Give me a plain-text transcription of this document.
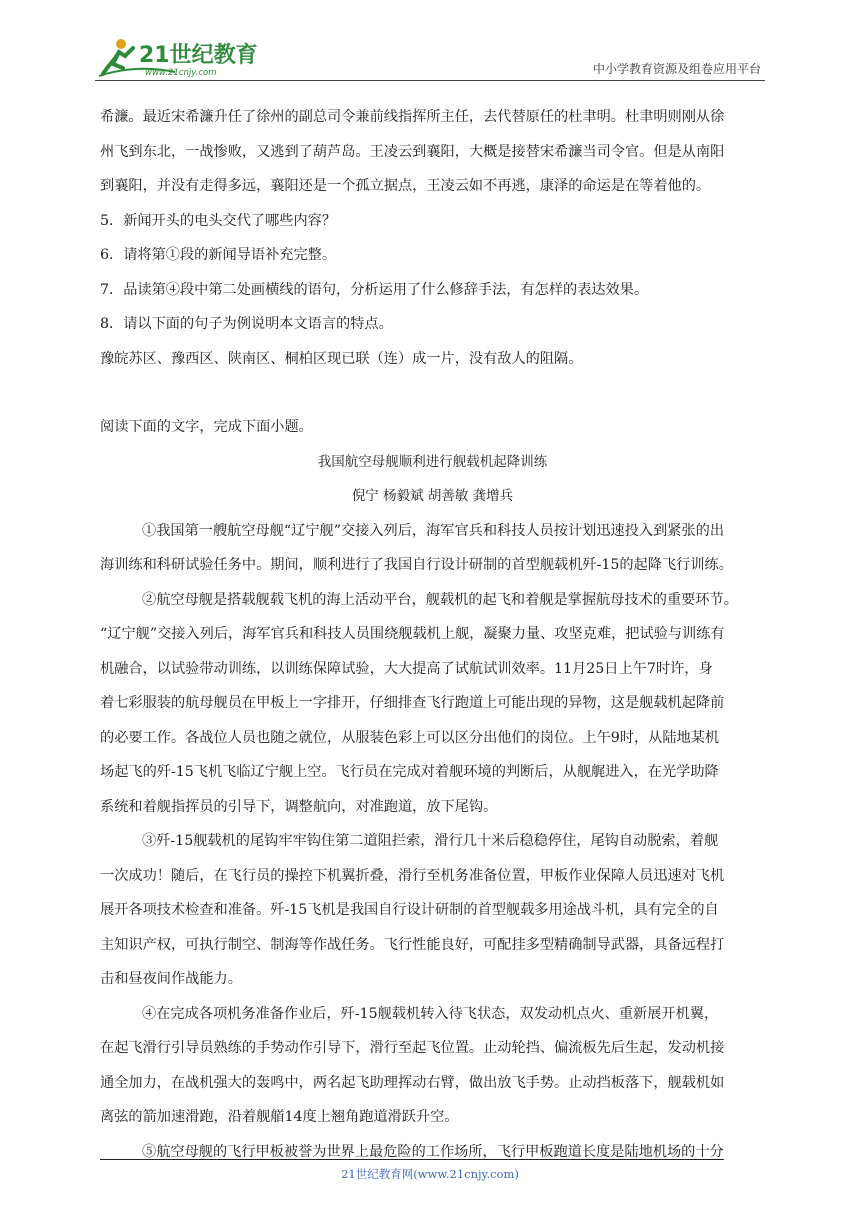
21世纪教育
www.21cnjy.com	中小学教育资源及组卷应用平台

希濂。最近宋希濂升任了徐州的副总司令兼前线指挥所主任，去代替原任的杜聿明。杜聿明则刚从徐

州飞到东北，一战惨败，又逃到了葫芦岛。王凌云到襄阳，大概是接替宋希濂当司令官。但是从南阳

到襄阳，并没有走得多远，襄阳还是一个孤立据点，王凌云如不再逃，康泽的命运是在等着他的。

5．新闻开头的电头交代了哪些内容？

6．请将第①段的新闻导语补充完整。

7．品读第④段中第二处画横线的语句，分析运用了什么修辞手法，有怎样的表达效果。

8．请以下面的句子为例说明本文语言的特点。

豫皖苏区、豫西区、陕南区、桐柏区现已联（连）成一片，没有敌人的阻隔。

阅读下面的文字，完成下面小题。

我国航空母舰顺利进行舰载机起降训练

倪宁 杨毅斌 胡善敏 龚增兵

①我国第一艘航空母舰“辽宁舰”交接入列后，海军官兵和科技人员按计划迅速投入到紧张的出

海训练和科研试验任务中。期间，顺利进行了我国自行设计研制的首型舰载机歼-15的起降飞行训练。

②航空母舰是搭载舰载飞机的海上活动平台，舰载机的起飞和着舰是掌握航母技术的重要环节。

“辽宁舰”交接入列后，海军官兵和科技人员围绕舰载机上舰，凝聚力量、攻坚克难，把试验与训练有

机融合，以试验带动训练，以训练保障试验，大大提高了试航试训效率。11月25日上午7时许，身

着七彩服装的航母舰员在甲板上一字排开，仔细排查飞行跑道上可能出现的异物，这是舰载机起降前

的必要工作。各战位人员也随之就位，从服装色彩上可以区分出他们的岗位。上午9时，从陆地某机

场起飞的歼-15飞机飞临辽宁舰上空。飞行员在完成对着舰环境的判断后，从舰艉进入，在光学助降

系统和着舰指挥员的引导下，调整航向，对准跑道，放下尾钩。

③歼-15舰载机的尾钩牢牢钩住第二道阻拦索，滑行几十米后稳稳停住，尾钩自动脱索，着舰

一次成功！随后，在飞行员的操控下机翼折叠，滑行至机务准备位置，甲板作业保障人员迅速对飞机

展开各项技术检查和准备。歼-15飞机是我国自行设计研制的首型舰载多用途战斗机，具有完全的自

主知识产权，可执行制空、制海等作战任务。飞行性能良好，可配挂多型精确制导武器，具备远程打

击和昼夜间作战能力。

④在完成各项机务准备作业后，歼-15舰载机转入待飞状态，双发动机点火、重新展开机翼，

在起飞滑行引导员熟练的手势动作引导下，滑行至起飞位置。止动轮挡、偏流板先后生起，发动机接

通全加力，在战机强大的轰鸣中，两名起飞助理挥动右臂，做出放飞手势。止动挡板落下，舰载机如

离弦的箭加速滑跑，沿着舰艏14度上翘角跑道滑跃升空。

⑤航空母舰的飞行甲板被誉为世界上最危险的工作场所，飞行甲板跑道长度是陆地机场的十分

21世纪教育网(www.21cnjy.com)
